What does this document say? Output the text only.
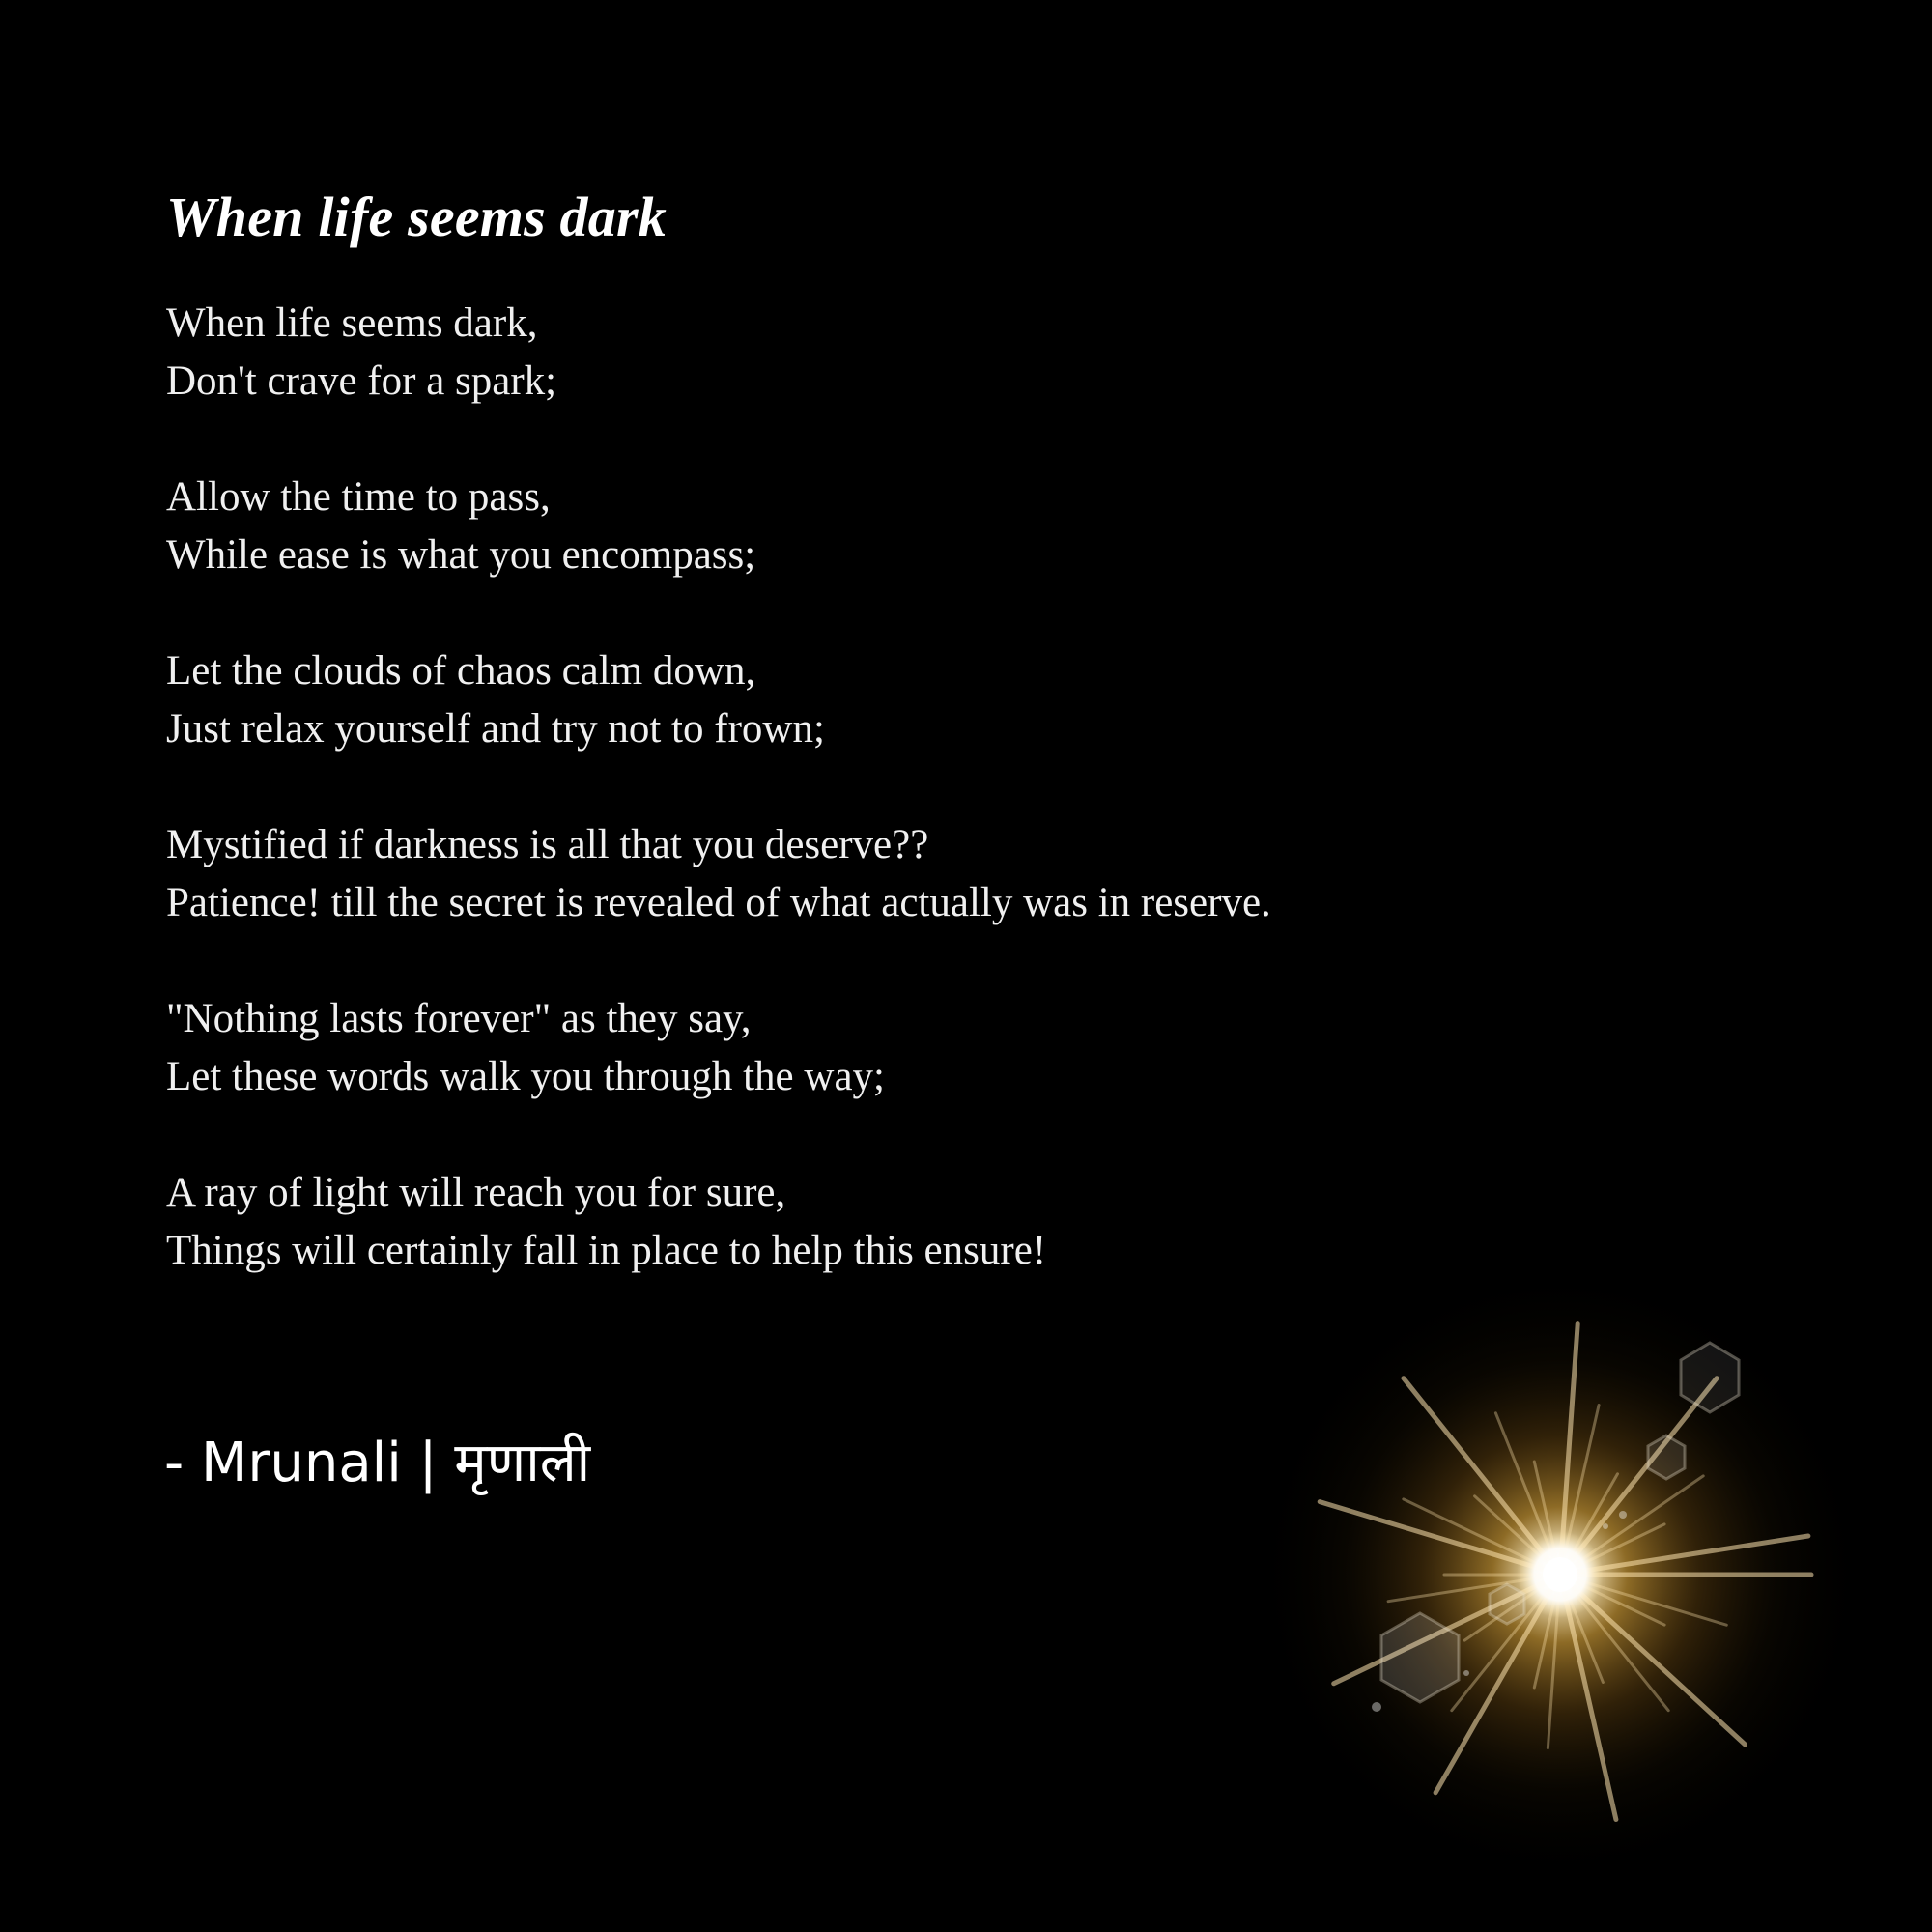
When life seems dark
When life seems dark,
Don't crave for a spark;
Allow the time to pass,
While ease is what you encompass;
Let the clouds of chaos calm down,
Just relax yourself and try not to frown;
Mystified if darkness is all that you deserve??
Patience! till the secret is revealed of what actually was in reserve.
"Nothing lasts forever" as they say,
Let these words walk you through the way;
A ray of light will reach you for sure,
Things will certainly fall in place to help this ensure!
- Mrunali | मृणाली
